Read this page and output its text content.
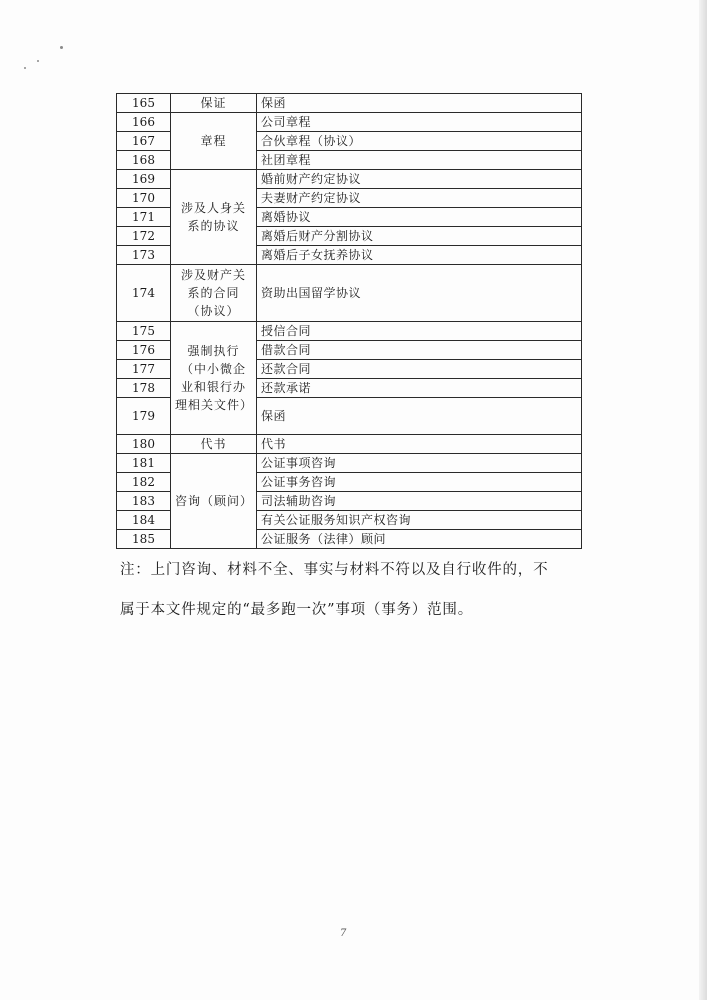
165	保证	保函
166	章程	公司章程
167		合伙章程（协议）
168		社团章程
169	涉及人身关系的协议	婚前财产约定协议
170		夫妻财产约定协议
171		离婚协议
172		离婚后财产分割协议
173		离婚后子女抚养协议
174	涉及财产关系的合同（协议）	资助出国留学协议
175	强制执行（中小微企业和银行办理相关文件）	授信合同
176		借款合同
177		还款合同
178		还款承诺
179		保函
180	代书	代书
181	咨询（顾问）	公证事项咨询
182		公证事务咨询
183		司法辅助咨询
184		有关公证服务知识产权咨询
185		公证服务（法律）顾问
注：上门咨询、材料不全、事实与材料不符以及自行收件的，不
属于本文件规定的“最多跑一次”事项（事务）范围。
7
